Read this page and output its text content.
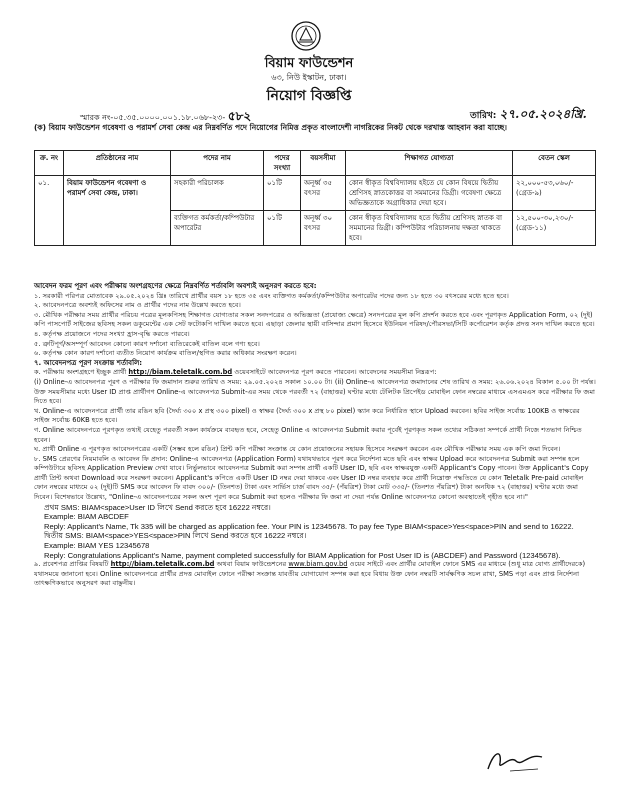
বিয়াম ফাউন্ডেশন
৬৩, নিউ ইস্কাটন, ঢাকা।
নিয়োগ বিজ্ঞপ্তি
স্মারক নং-০৫.৩৫.০০০০.০০১.১৮.০৬৮-২৩- ৫৮২	তারিখ: ২৭.০৫.২০২৪খ্রি.
(ক) বিয়াম ফাউন্ডেশন গবেষণা ও পরামর্শ সেবা কেন্দ্র এর নিম্নবর্ণিত পদে নিয়োগের নিমিত্ত প্রকৃত বাংলাদেশী নাগরিকের নিকট থেকে দরখাস্ত আহবান করা যাচ্ছে।
ক্র. নং	প্রতিষ্ঠানের নাম	পদের নাম	পদের সংখ্যা	বয়সসীমা	শিক্ষাগত যোগ্যতা	বেতন স্কেল
০১.	বিয়াম ফাউন্ডেশন গবেষণা ও পরামর্শ সেবা কেন্দ্র, ঢাকা।	সহকারী পরিচালক	০১টি	অনূর্ধ্ব ৩৫ বৎসর	কোন স্বীকৃত বিশ্ববিদ্যালয় হইতে যে কোন বিষয়ে দ্বিতীয় শ্রেণিসহ স্নাতকোত্তর বা সমমানের ডিগ্রী। গবেষণা ক্ষেত্রে অভিজ্ঞতাকে অগ্রাধিকার দেয়া হবে।	২২,০০০-৫৩,০৬০/- (গ্রেড-৯)
		ব্যক্তিগত কর্মকর্তা/কম্পিউটার অপারেটর	০১টি	অনূর্ধ্ব ৩০ বৎসর	কোন স্বীকৃত বিশ্ববিদ্যালয় হতে দ্বিতীয় শ্রেণিসহ স্নাতক বা সমমানের ডিগ্রী। কম্পিউটার পরিচালনায় দক্ষতা থাকতে হবে।	১২,৫০০-৩০,২৩০/- (গ্রেড-১১)

আবেদন ফরম পূরণ এবং পরীক্ষায় অংশগ্রহণের ক্ষেত্রে নিম্নবর্ণিত শর্তাবলি অবশ্যই অনুসরণ করতে হবে:

১. সরকারী পরিপত্র মোতাবেক ২৯.০৫.২০২৪ খ্রিঃ তারিখে প্রার্থীর বয়স ১৮ হতে ৩৫ এবং ব্যক্তিগত কর্মকর্তা/কম্পিউটার অপারেটর পদের জন্য ১৮ হতে ৩০ বৎসরের মধ্যে হতে হবে।

২. আবেদনপত্রে অবশ্যই অফিসের নাম ও প্রার্থীর পদের নাম উল্লেখ করতে হবে।

৩. মৌখিক পরীক্ষার সময় প্রার্থীর পরিচয় পত্রের মূলকপিসহ শিক্ষাগত যোগ্যতার সকল সনদপত্রের ও অভিজ্ঞতা (প্রযোজ্য ক্ষেত্রে) সনদপত্রের মূল কপি প্রদর্শন করতে হবে এবং পূরণকৃত Application Form, ০২ (দুই) কপি পাসপোর্ট সাইজের ছবিসহ সকল ডকুমেন্টের এক সেট ফটোকপি দাখিল করতে হবে। এছাড়া জেলার স্থায়ী বাসিন্দার প্রমাণ হিসেবে ইউনিয়ন পরিষদ/পৌরসভা/সিটি কর্পোরেশন কর্তৃক প্রদত্ত সনদ দাখিল করতে হবে।

৪. কর্তৃপক্ষ প্রয়োজনে পদের সংখ্যা হ্রাস-বৃদ্ধি করতে পারবে।

৫. ত্রুটিপূর্ণ/অসম্পূর্ণ আবেদন কোনো কারণ দর্শানো ব্যতিরেকেই বাতিল বলে গণ্য হবে।

৬. কর্তৃপক্ষ কোন কারণ দর্শানো ব্যতীত নিয়োগ কার্যক্রম বাতিল/স্থগিত করার অধিকার সংরক্ষণ করেন।

৭. আবেদনপত্র পূরণ সংক্রান্ত শর্তাবলি:

ক. পরীক্ষায় অংশগ্রহণে ইচ্ছুক প্রার্থী http://biam.teletalk.com.bd ওয়েবসাইটে আবেদনপত্র পূরণ করতে পারবেন। আবেদনের সময়সীমা নিম্নরূপ:

(i) Online-এ আবেদনপত্র পূরণ ও পরীক্ষার ফি জমাদান শুরুর তারিখ ও সময়: ২৯.০৫.২০২৪ সকাল ১০.০০ টা। (ii) Online-এ আবেদনপত্র জমাদানের শেষ তারিখ ও সময়: ২৬.০৬.২০২৪ বিকাল ৫.০০ টা পর্যন্ত।

উক্ত সময়সীমার মধ্যে User ID প্রাপ্ত প্রার্থীগণ Online-এ আবেদনপত্র Submit-এর সময় থেকে পরবর্তী ৭২ (বাহাত্তর) ঘণ্টার মধ্যে টেলিটক প্রিপেইড মোবাইল ফোন নম্বরের মাধ্যমে এসএমএস করে পরীক্ষার ফি জমা দিতে হবে।

খ. Online-এ আবেদনপত্রে প্রার্থী তার রঙিন ছবি (দৈর্ঘ্য ৩০০ x প্রস্থ ৩০০ pixel) ও স্বাক্ষর (দৈর্ঘ্য ৩০০ x প্রস্থ ৮০ pixel) স্ক্যান করে নির্ধারিত স্থানে Upload করবেন। ছবির সাইজ সর্বোচ্চ 100KB ও স্বাক্ষরের সাইজ সর্বোচ্চ 60KB হতে হবে।

গ. Online আবেদনপত্রে পূরণকৃত তথ্যই যেহেতু পরবর্তী সকল কার্যক্রমে ব্যবহৃত হবে, সেহেতু Online এ আবেদনপত্র Submit করার পূর্বেই পূরণকৃত সকল তথ্যের সঠিকতা সম্পর্কে প্রার্থী নিজে শতভাগ নিশ্চিত হবেন।

ঘ. প্রার্থী Online এ পূরণকৃত আবেদনপত্রের একটি (সম্ভব হলে রঙিন) প্রিন্ট কপি পরীক্ষা সংক্রান্ত যে কোন প্রয়োজনের সহায়ক হিসেবে সংরক্ষণ করবেন এবং মৌখিক পরীক্ষার সময় এক কপি জমা দিবেন।

৮. SMS প্রেরণের নিয়মাবলি ও আবেদন ফি প্রদান: Online-এ আবেদনপত্র (Application Form) যথাযথভাবে পূরণ করে নির্দেশনা মতে ছবি এবং স্বাক্ষর Upload করে আবেদনপত্র Submit করা সম্পন্ন হলে কম্পিউটারে ছবিসহ Application Preview দেখা যাবে। নির্ভুলভাবে আবেদনপত্র Submit করা সম্পন্ন প্রার্থী একটি User ID, ছবি এবং স্বাক্ষরযুক্ত একটি Applicant's Copy পাবেন। উক্ত Applicant's Copy প্রার্থী প্রিন্ট অথবা Download করে সংরক্ষণ করবেন। Applicant's কপিতে একটি User ID নম্বর দেয়া থাকবে এবং User ID নম্বর ব্যবহার করে প্রার্থী নিম্নোক্ত পদ্ধতিতে যে কোন Teletalk Pre-paid মোবাইল ফোন নম্বরের মাধ্যমে ০২ (দুই)টি SMS করে আবেদন ফি বাবদ ৩০০/- (তিনশত) টাকা এবং সার্ভিস চার্জ বাবদ ৩৫/- (পঁয়ত্রিশ) টাকা মোট ৩৩৫/- (তিনশত পঁয়ত্রিশ) টাকা অনধিক ৭২ (বাহাত্তর) ঘণ্টার মধ্যে জমা দিবেন। বিশেষভাবে উল্লেখ্য, "Online-এ আবেদনপত্রের সকল অংশ পূরণ করে Submit করা হলেও পরীক্ষার ফি জমা না দেয়া পর্যন্ত Online আবেদনপত্র কোনো অবস্থাতেই গৃহীত হবে না।"

প্রথম SMS: BIAM<space>User ID লিখে Send করতে হবে 16222 নম্বরে।

Example: BIAM ABCDEF

Reply: Applicant's Name, Tk 335 will be charged as application fee. Your PIN is 12345678. To pay fee Type BIAM<space>Yes<space>PIN and send to 16222.

দ্বিতীয় SMS: BIAM<space>YES<space>PIN লিখে Send করতে হবে 16222 নম্বরে।

Example: BIAM YES 12345678

Reply: Congratulations Applicant's Name, payment completed successfully for BIAM Application for Post User ID is (ABCDEF) and Password (12345678).

৯. প্রবেশপত্র প্রাপ্তির বিষয়টি http://biam.teletalk.com.bd অথবা বিয়াম ফাউন্ডেশনের www.biam.gov.bd ওয়েব সাইটে এবং প্রার্থীর মোবাইল ফোনে SMS এর মাধ্যমে (শুধু মাত্র যোগ্য প্রার্থীদেরকে) যথাসময়ে জানানো হবে। Online আবেদনপত্রে প্রার্থীর প্রদত্ত মোবাইল ফোনে পরীক্ষা সংক্রান্ত যাবতীয় যোগাযোগ সম্পন্ন করা হবে বিধায় উক্ত ফোন নম্বরটি সার্বক্ষণিক সচল রাখা, SMS পড়া এবং প্রাপ্ত নির্দেশনা তাৎক্ষণিকভাবে অনুসরণ করা বাঞ্ছনীয়।
